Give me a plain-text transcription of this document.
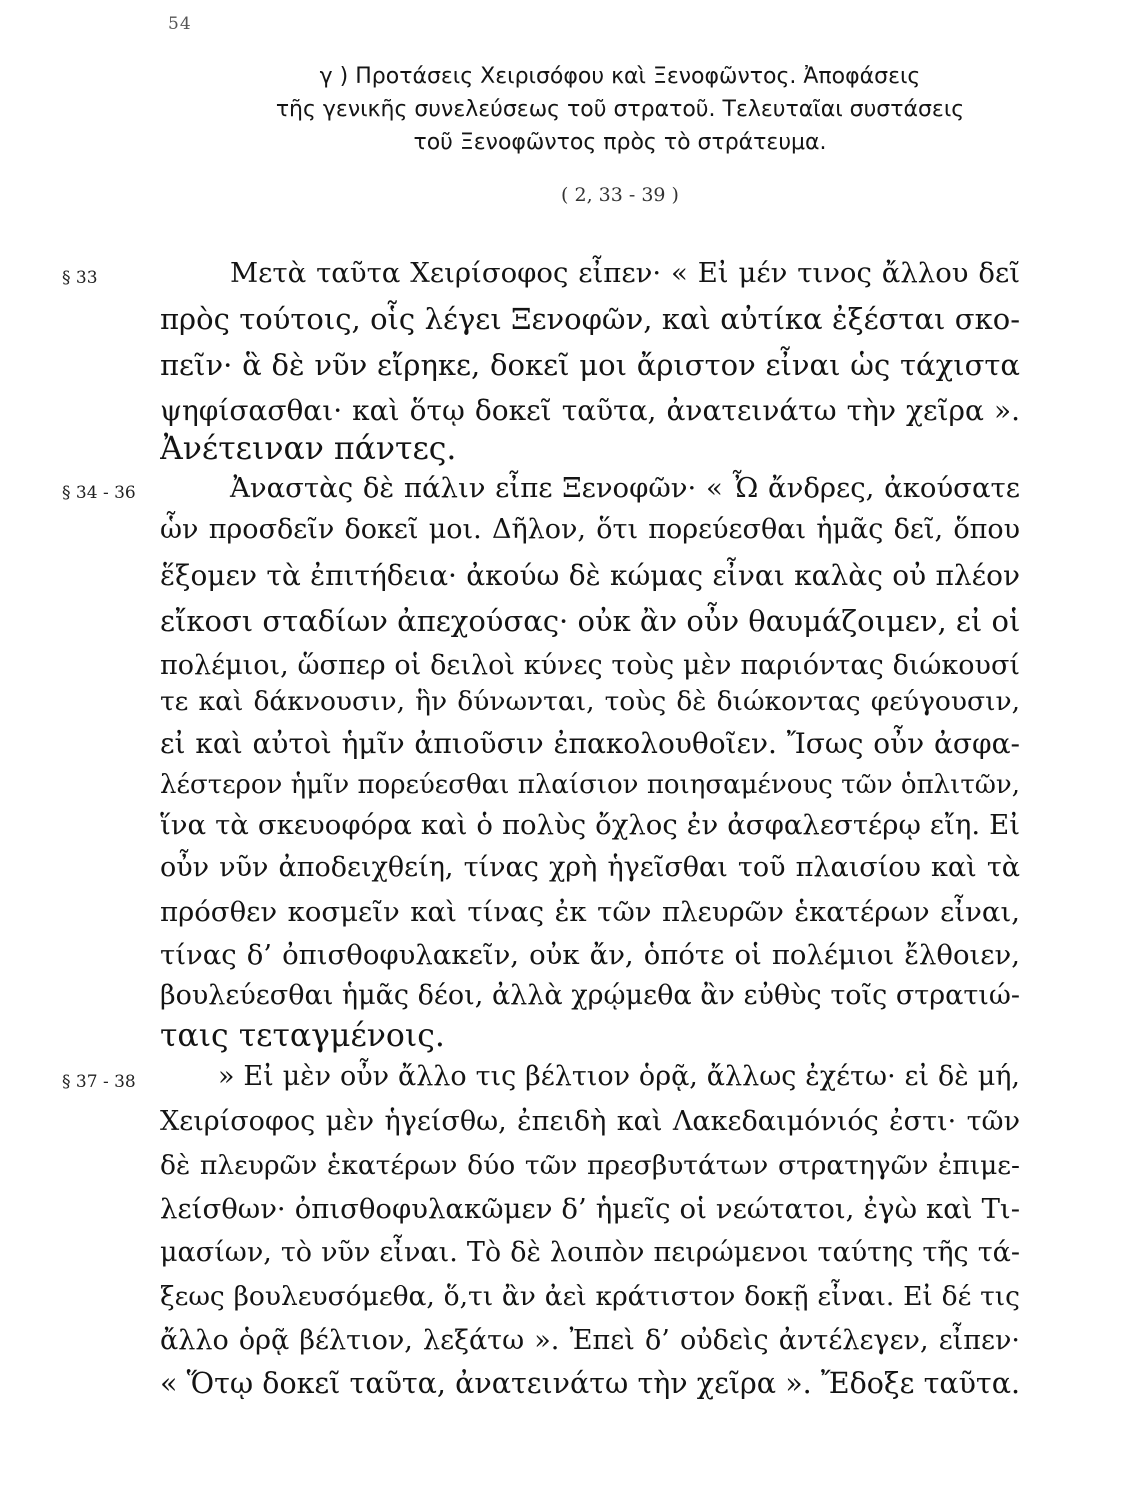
54
γ ) Προτάσεις Χειρισόφου καὶ Ξενοφῶντος. Ἀποφάσεις
τῆς γενικῆς συνελεύσεως τοῦ στρατοῦ. Τελευταῖαι συστάσεις
τοῦ Ξενοφῶντος πρὸς τὸ στράτευμα.
( 2, 33 - 39 )
§ 33	Μετὰ ταῦτα Χειρίσοφος εἶπεν· « Εἰ μέν τινος ἄλλου δεῖ
πρὸς τούτοις, οἷς λέγει Ξενοφῶν, καὶ αὐτίκα ἐξέσται σκο-
πεῖν· ἃ δὲ νῦν εἴρηκε, δοκεῖ μοι ἄριστον εἶναι ὡς τάχιστα
ψηφίσασθαι· καὶ ὅτῳ δοκεῖ ταῦτα, ἀνατεινάτω τὴν χεῖρα ».
Ἀνέτειναν πάντες.
§ 34 - 36	Ἀναστὰς δὲ πάλιν εἶπε Ξενοφῶν· « Ὦ ἄνδρες, ἀκούσατε
ὧν προσδεῖν δοκεῖ μοι. Δῆλον, ὅτι πορεύεσθαι ἡμᾶς δεῖ, ὅπου
ἕξομεν τὰ ἐπιτήδεια· ἀκούω δὲ κώμας εἶναι καλὰς οὐ πλέον
εἴκοσι σταδίων ἀπεχούσας· οὐκ ἂν οὖν θαυμάζοιμεν, εἰ οἱ
πολέμιοι, ὥσπερ οἱ δειλοὶ κύνες τοὺς μὲν παριόντας διώκουσί
τε καὶ δάκνουσιν, ἣν δύνωνται, τοὺς δὲ διώκοντας φεύγουσιν,
εἰ καὶ αὐτοὶ ἡμῖν ἀπιοῦσιν ἐπακολουθοῖεν. Ἴσως οὖν ἀσφα-
λέστερον ἡμῖν πορεύεσθαι πλαίσιον ποιησαμένους τῶν ὁπλιτῶν,
ἵνα τὰ σκευοφόρα καὶ ὁ πολὺς ὄχλος ἐν ἀσφαλεστέρῳ εἴη. Εἰ
οὖν νῦν ἀποδειχθείη, τίνας χρὴ ἡγεῖσθαι τοῦ πλαισίου καὶ τὰ
πρόσθεν κοσμεῖν καὶ τίνας ἐκ τῶν πλευρῶν ἑκατέρων εἶναι,
τίνας δ’ ὀπισθοφυλακεῖν, οὐκ ἄν, ὁπότε οἱ πολέμιοι ἔλθοιεν,
βουλεύεσθαι ἡμᾶς δέοι, ἀλλὰ χρῴμεθα ἂν εὐθὺς τοῖς στρατιώ-
ταις τεταγμένοις.
§ 37 - 38	» Εἰ μὲν οὖν ἄλλο τις βέλτιον ὁρᾷ, ἄλλως ἐχέτω· εἰ δὲ μή,
Χειρίσοφος μὲν ἡγείσθω, ἐπειδὴ καὶ Λακεδαιμόνιός ἐστι· τῶν
δὲ πλευρῶν ἑκατέρων δύο τῶν πρεσβυτάτων στρατηγῶν ἐπιμε-
λείσθων· ὀπισθοφυλακῶμεν δ’ ἡμεῖς οἱ νεώτατοι, ἐγὼ καὶ Τι-
μασίων, τὸ νῦν εἶναι. Τὸ δὲ λοιπὸν πειρώμενοι ταύτης τῆς τά-
ξεως βουλευσόμεθα, ὅ,τι ἂν ἀεὶ κράτιστον δοκῇ εἶναι. Εἰ δέ τις
ἄλλο ὁρᾷ βέλτιον, λεξάτω ». Ἐπεὶ δ’ οὐδεὶς ἀντέλεγεν, εἶπεν·
« Ὅτῳ δοκεῖ ταῦτα, ἀνατεινάτω τὴν χεῖρα ». Ἔδοξε ταῦτα.
